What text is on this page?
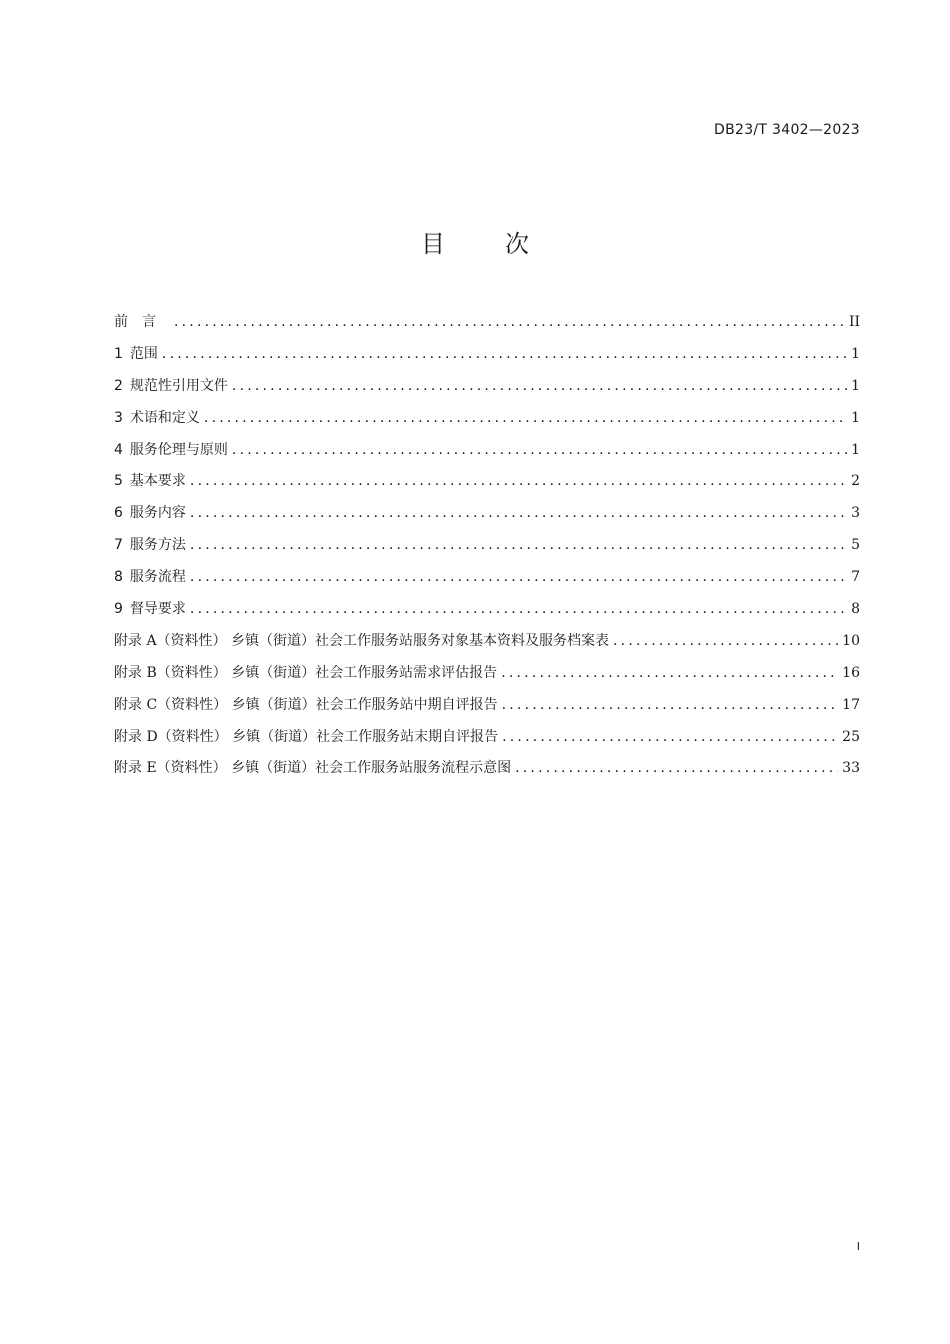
DB23/T 3402—2023
目次
前言 .....	II
1 范围 .....	1
2 规范性引用文件 .....	1
3 术语和定义 .....	1
4 服务伦理与原则 .....	1
5 基本要求 .....	2
6 服务内容 .....	3
7 服务方法 .....	5
8 服务流程 .....	7
9 督导要求 .....	8
附录 A（资料性） 乡镇（街道）社会工作服务站服务对象基本资料及服务档案表 .....	10
附录 B（资料性） 乡镇（街道）社会工作服务站需求评估报告 .....	16
附录 C（资料性） 乡镇（街道）社会工作服务站中期自评报告 .....	17
附录 D（资料性） 乡镇（街道）社会工作服务站末期自评报告 .....	25
附录 E（资料性） 乡镇（街道）社会工作服务站服务流程示意图 .....	33
I
